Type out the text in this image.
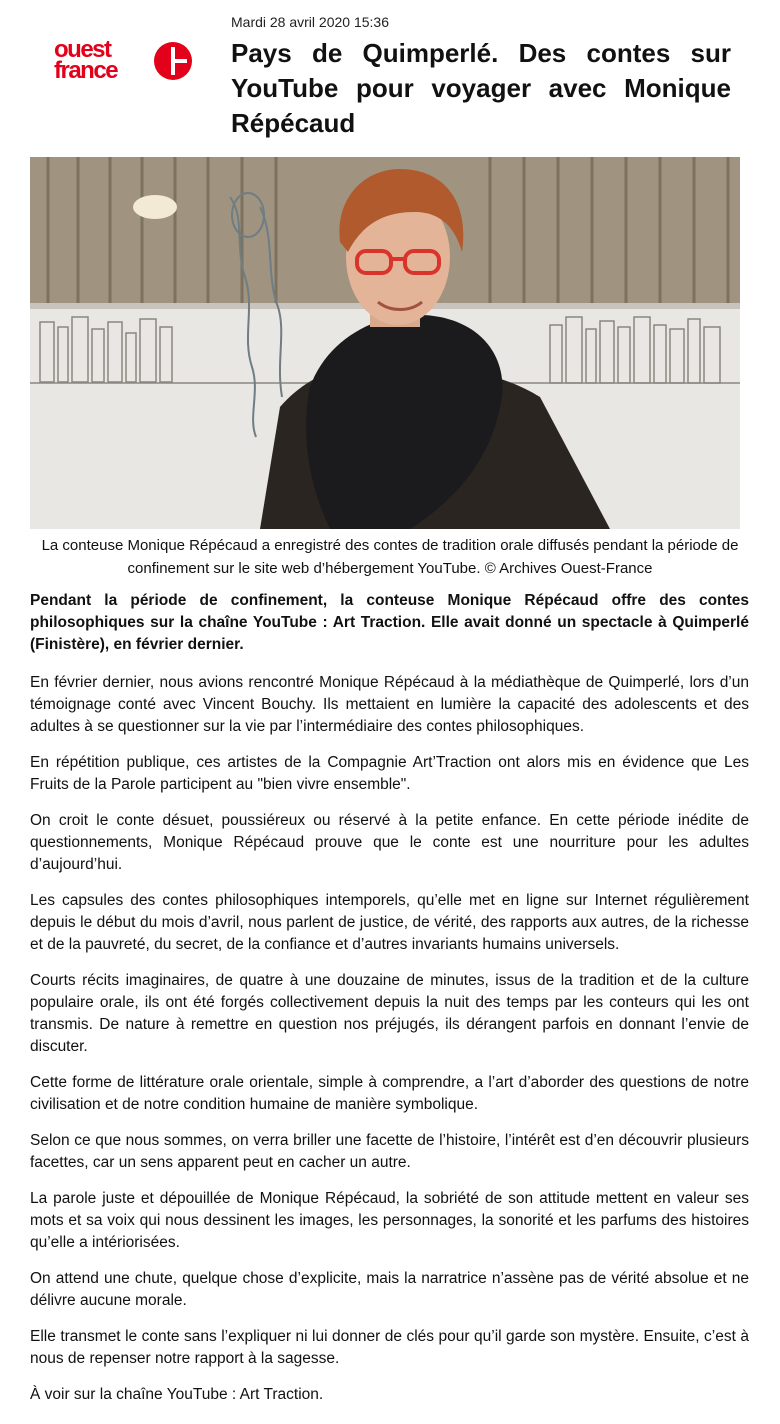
ouest
france
Mardi 28 avril 2020 15:36
Pays de Quimperlé. Des contes sur YouTube pour voyager avec Monique Répécaud
La conteuse Monique Répécaud a enregistré des contes de tradition orale diffusés pendant la période de confinement sur le site web d’hébergement YouTube. © Archives Ouest-France

Pendant la période de confinement, la conteuse Monique Répécaud offre des contes philosophiques sur la chaîne YouTube : Art Traction. Elle avait donné un spectacle à Quimperlé (Finistère), en février dernier.

En février dernier, nous avions rencontré Monique Répécaud à la médiathèque de Quimperlé, lors d’un témoignage conté avec Vincent Bouchy. Ils mettaient en lumière la capacité des adolescents et des adultes à se questionner sur la vie par l’intermédiaire des contes philosophiques.

En répétition publique, ces artistes de la Compagnie Art’Traction ont alors mis en évidence que Les Fruits de la Parole participent au "bien vivre ensemble".

On croit le conte désuet, poussiéreux ou réservé à la petite enfance. En cette période inédite de questionnements, Monique Répécaud prouve que le conte est une nourriture pour les adultes d’aujourd’hui.

Les capsules des contes philosophiques intemporels, qu’elle met en ligne sur Internet régulièrement depuis le début du mois d’avril, nous parlent de justice, de vérité, des rapports aux autres, de la richesse et de la pauvreté, du secret, de la confiance et d’autres invariants humains universels.

Courts récits imaginaires, de quatre à une douzaine de minutes, issus de la tradition et de la culture populaire orale, ils ont été forgés collectivement depuis la nuit des temps par les conteurs qui les ont transmis. De nature à remettre en question nos préjugés, ils dérangent parfois en donnant l’envie de discuter.

Cette forme de littérature orale orientale, simple à comprendre, a l’art d’aborder des questions de notre civilisation et de notre condition humaine de manière symbolique.

Selon ce que nous sommes, on verra briller une facette de l’histoire, l’intérêt est d’en découvrir plusieurs facettes, car un sens apparent peut en cacher un autre.

La parole juste et dépouillée de Monique Répécaud, la sobriété de son attitude mettent en valeur ses mots et sa voix qui nous dessinent les images, les personnages, la sonorité et les parfums des histoires qu’elle a intériorisées.

On attend une chute, quelque chose d’explicite, mais la narratrice n’assène pas de vérité absolue et ne délivre aucune morale.

Elle transmet le conte sans l’expliquer ni lui donner de clés pour qu’il garde son mystère. Ensuite, c’est à nous de repenser notre rapport à la sagesse.

À voir sur la chaîne YouTube : Art Traction.
